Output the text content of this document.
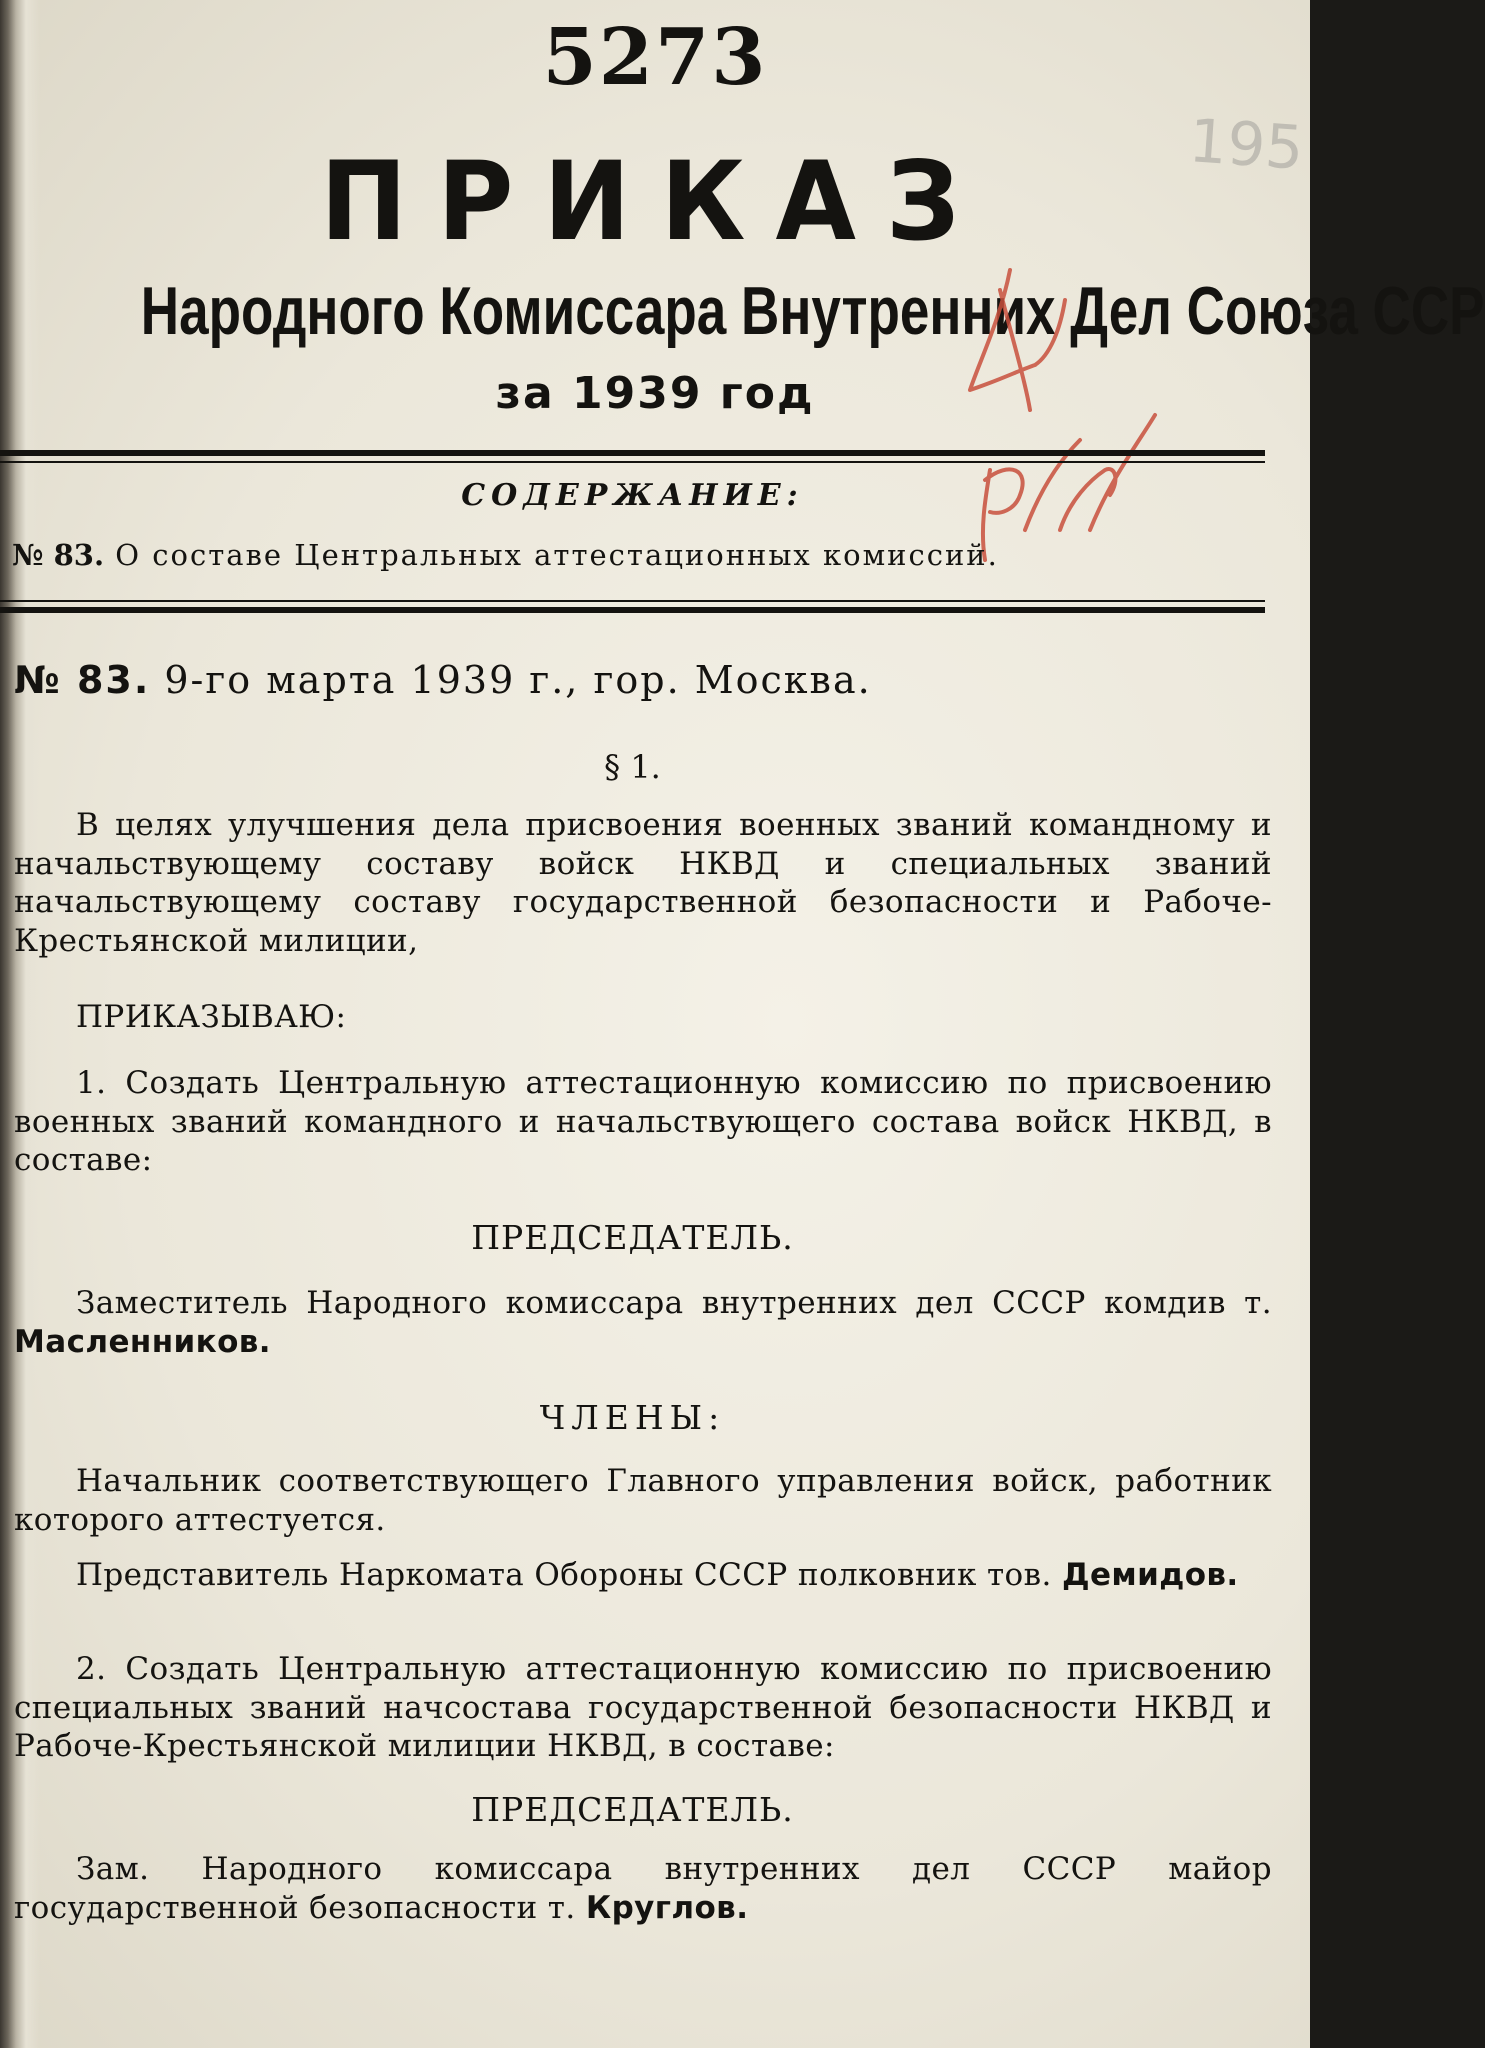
5273
ПРИКАЗ
Народного Комиссара Внутренних Дел Союза ССР
за 1939 год
195
СОДЕРЖАНИЕ:
№ 83. О составе Центральных аттестационных комиссий.
№ 83. 9-го марта 1939 г., гор. Москва.
§ 1.
В целях улучшения дела присвоения военных званий командному и начальствующему составу войск НКВД и специальных званий начальствующему составу государственной безопасности и Рабоче-Крестьянской милиции,
ПРИКАЗЫВАЮ:
1. Создать Центральную аттестационную комиссию по присвоению военных званий командного и начальствующего состава войск НКВД, в составе:
ПРЕДСЕДАТЕЛЬ.
Заместитель Народного комиссара внутренних дел СССР комдив т. Масленников.
ЧЛЕНЫ:
Начальник соответствующего Главного управления войск, работник которого аттестуется.
Представитель Наркомата Обороны СССР полковник тов. Демидов.
2. Создать Центральную аттестационную комиссию по присвоению специальных званий начсостава государственной безопасности НКВД и Рабоче-Крестьянской милиции НКВД, в составе:
ПРЕДСЕДАТЕЛЬ.
Зам. Народного комиссара внутренних дел СССР майор государственной безопасности т. Круглов.
